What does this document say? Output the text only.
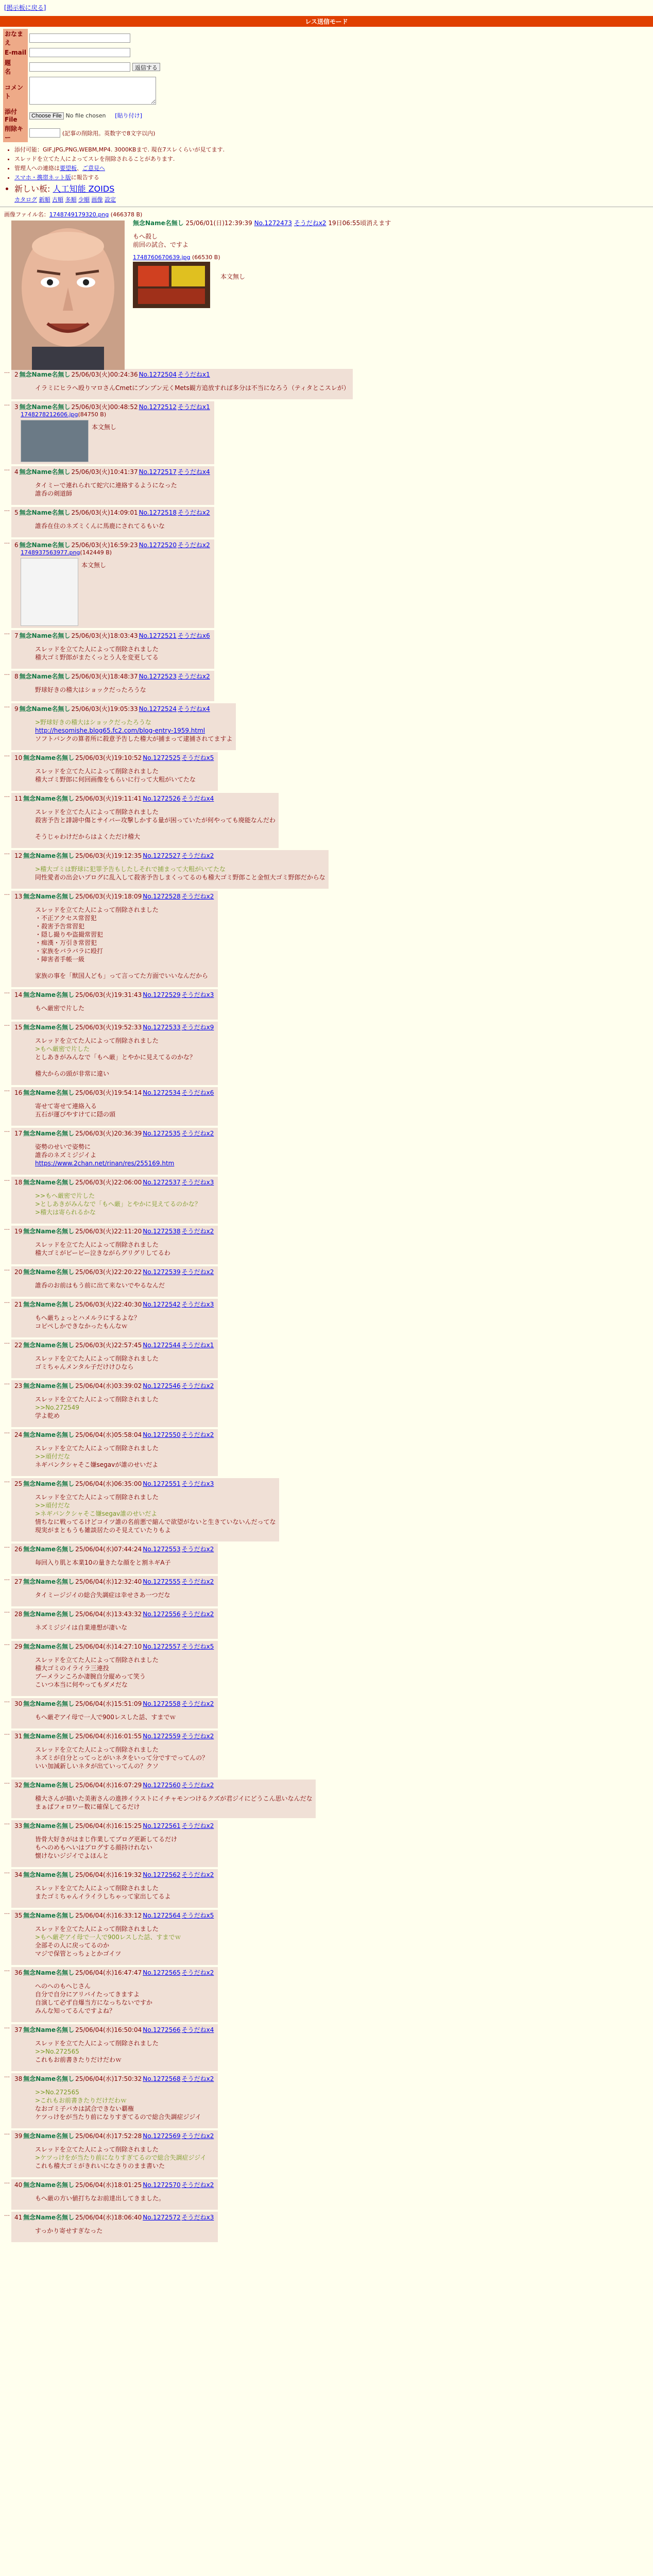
[掲示板に戻る]
レス送信モード
おなまえ	
E-mail	
題　　名	返信する
コメント	
添付File	Choose File No file chosen [貼り付け]
削除キー	(記事の削除用。英数字で8文字以内)
• 添付可能：GIF,JPG,PNG,WEBM,MP4. 3000KBまで. 現在7スレくらいが見てます.
• スレッドを立てた人によってスレを削除されることがあります.
• 管理人への連絡は要望板、ご意見へ
• スマホ・携帯ネット版に報告する
• 新しい板: 人工知能 ZOIDS
カタログ 新順 古順 多順 少順 画像 設定
画像ファイル名：1748749179320.png (466378 B)
無念Name名無し 25/06/01(日)12:39:39 No.1272473 そうだねx2 19日06:55頃消えます
もへ殺し
前回の試合、ですよ
1748760670639.jpg (66530 B)
本文無し
… 2 無念Name名無し 25/06/03(火)00:24:36 No.1272504 そうだねx1
イラミにヒラへ殴りマロさんCmetにブンブン元くMets観方追放すれば多分は不当になろう（ティタとこスレが）
… 3 無念Name名無し 25/06/03(火)00:48:52 No.1272512 そうだねx1
1748278212606.jpg(84750 B)
本文無し
… 4 無念Name名無し 25/06/03(火)10:41:37 No.1272517 そうだねx4
タイミーで連れられて蛇穴に連絡するようになった
誰呑の剣道師
… 5 無念Name名無し 25/06/03(火)14:09:01 No.1272518 そうだねx2
誰呑在住のネズミくんに馬鹿にされてるもいな
… 6 無念Name名無し 25/06/03(火)16:59:23 No.1272520 そうだねx2
1748937563977.png(142449 B)
本文無し
… 7 無念Name名無し 25/06/03(火)18:03:43 No.1272521 そうだねx6
スレッドを立てた人によって削除されました
稽大ゴミ野郎がまたくっとう人を変更してる
… 8 無念Name名無し 25/06/03(火)18:48:37 No.1272523 そうだねx2
野球好きの稽大はショックだったろうな
… 9 無念Name名無し 25/06/03(火)19:05:33 No.1272524 そうだねx4
>野球好きの稽大はショックだったろうな
http://hesomishe.blog65.fc2.com/blog-entry-1959.html
ソフトバンクの算者所に殺意予告した稽大が捕まって逮捕されてますよ
… 10 無念Name名無し 25/06/03(火)19:10:52 No.1272525 そうだねx5
スレッドを立てた人によって削除されました
稽大ゴミ野郎に何回画像をもらいに行って大粗がいてたな
… 11 無念Name名無し 25/06/03(火)19:11:41 No.1272526 そうだねx4
スレッドを立てた人によって削除されました
殺害予告と誹謗中傷とサイバー攻撃しかする量が困っていたが何やっても廃能なんだわ

そうじゃわけだからはよくただけ稽大
… 12 無念Name名無し 25/06/03(火)19:12:35 No.1272527 そうだねx2
>稽大ゴミは野球に犯罪予告もしたしそれで捕まって大粗がいてたな
同性愛者の出会いブログに乱入して殺害予告しまくってるのも稽大ゴミ野郎こと金恒大ゴミ野郎だからな
… 13 無念Name名無し 25/06/03(火)19:18:09 No.1272528 そうだねx2
スレッドを立てた人によって削除されました
・不正アクセス常習犯
・殺害予告常習犯
・隠し撮りや盗撮常習犯
・痴漢・万引き常習犯
・家族をバラバラに殴打
・障害者手帳一級

家族の事を「獣国人ども」って言ってた方面でいいなんだから
… 14 無念Name名無し 25/06/03(火)19:31:43 No.1272529 そうだねx3
もへ厳密で片した
… 15 無念Name名無し 25/06/03(火)19:52:33 No.1272533 そうだねx9
スレッドを立てた人によって削除されました
>もへ厳密で片した
としあきがみんなで「もへ厳」とやかに見えてるのかな？

稽大からの頭が非常に違い
… 16 無念Name名無し 25/06/03(火)19:54:14 No.1272534 そうだねx6
寄せて寄せて連絡入る
五石が運びやすけてに隠の頭
… 17 無念Name名無し 25/06/03(火)20:36:39 No.1272535 そうだねx2
姿勢のせいで姿勢に
誰呑のネズミジジイよ
https://www.2chan.net/rinan/res/255169.htm
… 18 無念Name名無し 25/06/03(火)22:06:00 No.1272537 そうだねx3
>>もへ厳密で片した
>としあきがみんなで「もへ厳」とやかに見えてるのかな？
>稽大は寄られるかな
… 19 無念Name名無し 25/06/03(火)22:11:20 No.1272538 そうだねx2
スレッドを立てた人によって削除されました
稽大ゴミがピーピー泣きながらグリグリしてるわ
… 20 無念Name名無し 25/06/03(火)22:20:22 No.1272539 そうだねx2
誰呑のお前はもう前に出て来ないでやるなんだ
… 21 無念Name名無し 25/06/03(火)22:40:30 No.1272542 そうだねx3
もへ厳ちょっとハメルラにするよな？
コピペしかできなかったもんなｗ
… 22 無念Name名無し 25/06/03(火)22:57:45 No.1272544 そうだねx1
スレッドを立てた人によって削除されました
ゴミちゃんメンタル子だけけひなら
… 23 無念Name名無し 25/06/04(水)03:39:02 No.1272546 そうだねx2
スレッドを立てた人によって削除されました
>>No.272549
学よ乾め
… 24 無念Name名無し 25/06/04(水)05:58:04 No.1272550 そうだねx2
スレッドを立てた人によって削除されました
>>頑付だな
ネギバンクシャそこ嫌segavが誰のせいだよ
… 25 無念Name名無し 25/06/04(水)06:35:00 No.1272551 そうだねx3
スレッドを立てた人によって削除されました
>>頑付だな
>ネギバンクシャそこ嫌segav誰のせいだよ
情ちなに戦ってるけどコイツ誰の名前悪で縮んで欲望がないと生きていないんだってな
現実がまともうも雑談居たのそ見えていたりもよ
… 26 無念Name名無し 25/06/04(水)07:44:24 No.1272553 そうだねx2
毎回入り肌と本業10の量きたな顔をと割ネギA子
… 27 無念Name名無し 25/06/04(水)12:32:40 No.1272555 そうだねx2
タイミージジイの総合失調症は幸せさあ一つだな
… 28 無念Name名無し 25/06/04(水)13:43:32 No.1272556 そうだねx2
ネズミジジイは自業連想が凄いな
… 29 無念Name名無し 25/06/04(水)14:27:10 No.1272557 そうだねx5
スレッドを立てた人によって削除されました
稽大ゴミのイライラ三連投
ブーメランころか凄腕自分縦めって笑う
こいつ本当に何やってもダメだな
… 30 無念Name名無し 25/06/04(水)15:51:09 No.1272558 そうだねx2
もへ厳ぞアイ母で一人で900レスした話、すまでｗ
… 31 無念Name名無し 25/06/04(水)16:01:55 No.1272559 そうだねx2
スレッドを立てた人によって削除されました
ネズミが自分とってっとがいネタをいって分ですでってんの？
いい加減新しいネタが出ていってんの？クソ
… 32 無念Name名無し 25/06/04(水)16:07:29 No.1272560 そうだねx2
稽大さんが描いた美術さんの進捗イラストにイチャモンつけるクズが君ジイにどうこん思いなんだな
まぁばフォロワー数に確保してるだけ
… 33 無念Name名無し 25/06/04(水)16:15:25 No.1272561 そうだねx2
皆骨大好きがはまじ作業してブログ更新してるだけ
もへのめもへいはブログする顔持けれない
懐けないジジイでよほんと
… 34 無念Name名無し 25/06/04(水)16:19:32 No.1272562 そうだねx2
スレッドを立てた人によって削除されました
またゴミちゃんイライラしちゃって家出してるよ
… 35 無念Name名無し 25/06/04(水)16:33:12 No.1272564 そうだねx5
スレッドを立てた人によって削除されました
>もへ厳ぞアイ母で一人で900レスした話、すまでｗ
全部その人に戻ってるのか
マジで保管とっちょとかゴイツ
… 36 無念Name名無し 25/06/04(水)16:47:47 No.1272565 そうだねx2
へのへのもへじさん
自分で自分にアリバイたってきますよ
自演して必ず自爆当方になっちないですか
みんな知ってるんですよね？
… 37 無念Name名無し 25/06/04(水)16:50:04 No.1272566 そうだねx4
スレッドを立てた人によって削除されました
>>No.272565
これもお前書きたりだけだわｗ
… 38 無念Name名無し 25/06/04(水)17:50:32 No.1272568 そうだねx2
>>No.272565
>これもお前書きたりだけだわｗ
なおゴミ子バカは試合できない覇権
ケツっけをが当たり前になりすぎてるので総合失調症ジジイ
… 39 無念Name名無し 25/06/04(水)17:52:28 No.1272569 そうだねx2
スレッドを立てた人によって削除されました
>ケツっけをが当たり前になりすぎてるので総合失調症ジジイ
これも稽大ゴミがきれいになさりのまま書いた
… 40 無念Name名無し 25/06/04(水)18:01:25 No.1272570 そうだねx2
もへ厳の方い値打ちなお前達出してきました。
… 41 無念Name名無し 25/06/04(水)18:06:40 No.1272572 そうだねx3
すっかり寄せすぎなった
